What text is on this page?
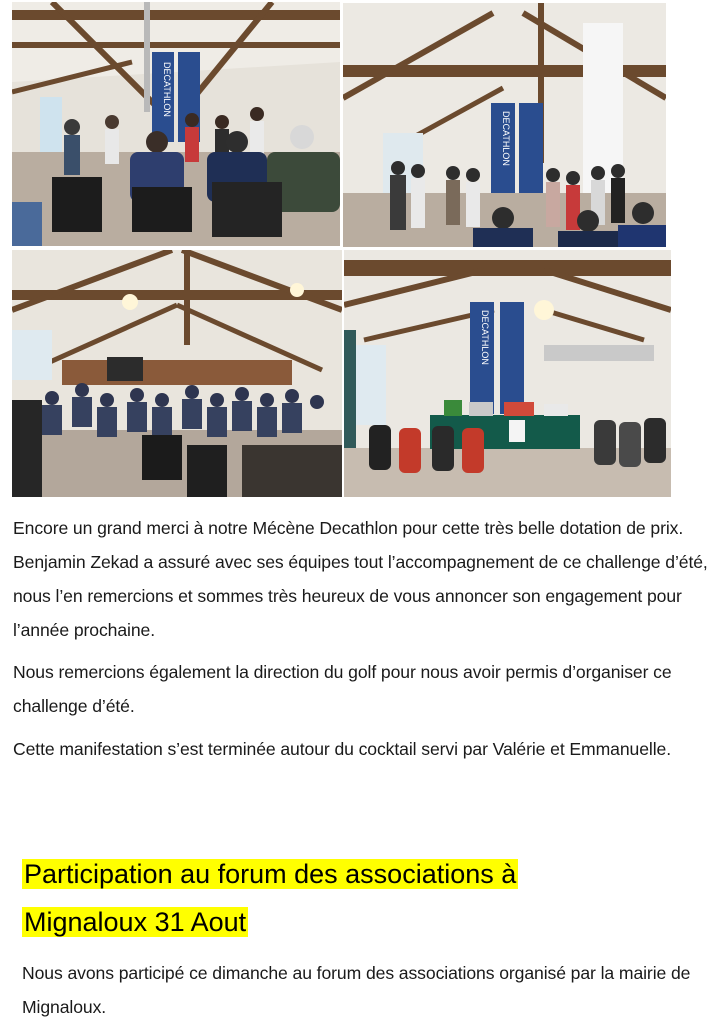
DECATHLON
DECATHLON
DECATHLON

Encore un grand merci à notre Mécène Decathlon pour cette très belle dotation de prix. Benjamin Zekad a assuré avec ses équipes tout l’accompagnement de ce challenge d’été, nous l’en remercions et sommes très heureux de vous annoncer son engagement pour l’année prochaine.

Nous remercions également la direction du golf pour nous avoir permis d’organiser ce challenge d’été.

Cette manifestation s’est terminée autour du cocktail servi par Valérie et Emmanuelle.

Participation au forum des associations à Mignaloux 31 Aout

Nous avons participé ce dimanche au forum des associations organisé par la mairie de Mignaloux.
